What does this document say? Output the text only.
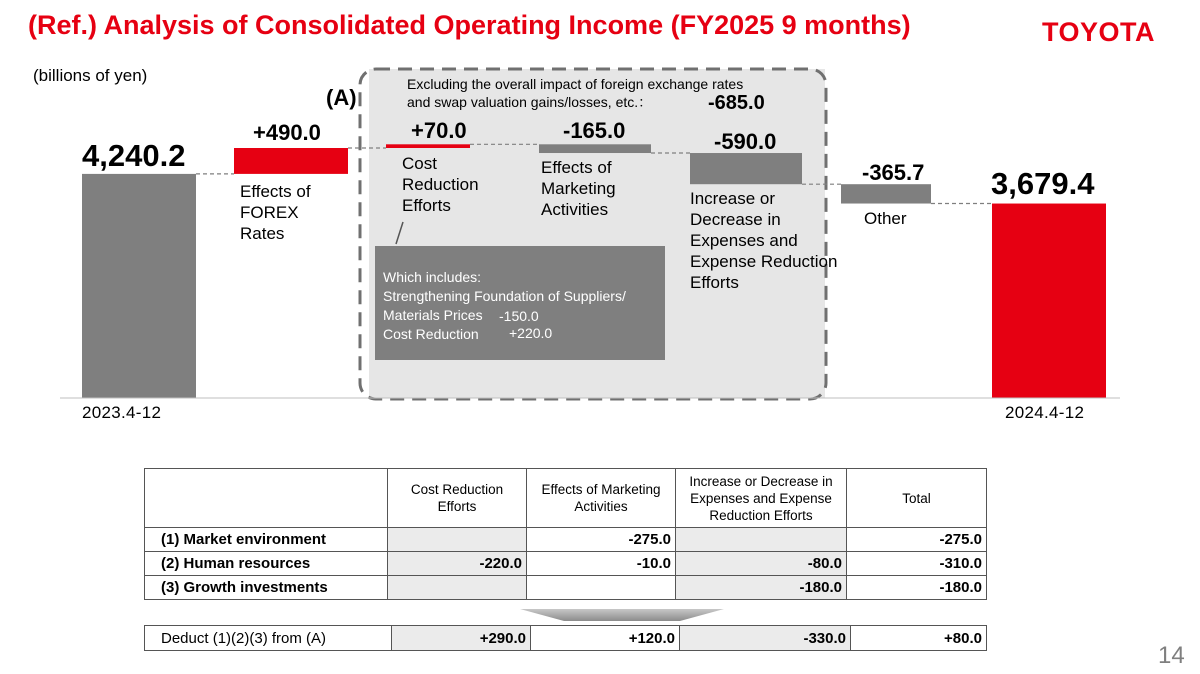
(Ref.) Analysis of Consolidated Operating Income (FY2025 9 months)	TOYOTA
(billions of yen)
(A)
Excluding the overall impact of foreign exchange rates and swap valuation gains/losses, etc.：	-685.0
4,240.2
+490.0	+70.0	-165.0	-590.0
-365.7 3,679.4
Effects of
FOREX
Rates
Cost
Reduction
Efforts
Effects of
Marketing
Activities
Increase or
Decrease in
Expenses and
Expense Reduction
Efforts
Other
2023.4-12	2024.4-12
Which includes:
Strengthening Foundation of Suppliers/
Materials Prices
Cost Reduction
-150.0
+220.0
	Cost Reduction Efforts	Effects of Marketing Activities	Increase or Decrease in Expenses and Expense Reduction Efforts	Total
(1) Market environment		-275.0		-275.0
(2) Human resources	-220.0	-10.0	-80.0	-310.0
(3) Growth investments			-180.0	-180.0
Deduct (1)(2)(3) from (A)	+290.0	+120.0	-330.0	+80.0
14
